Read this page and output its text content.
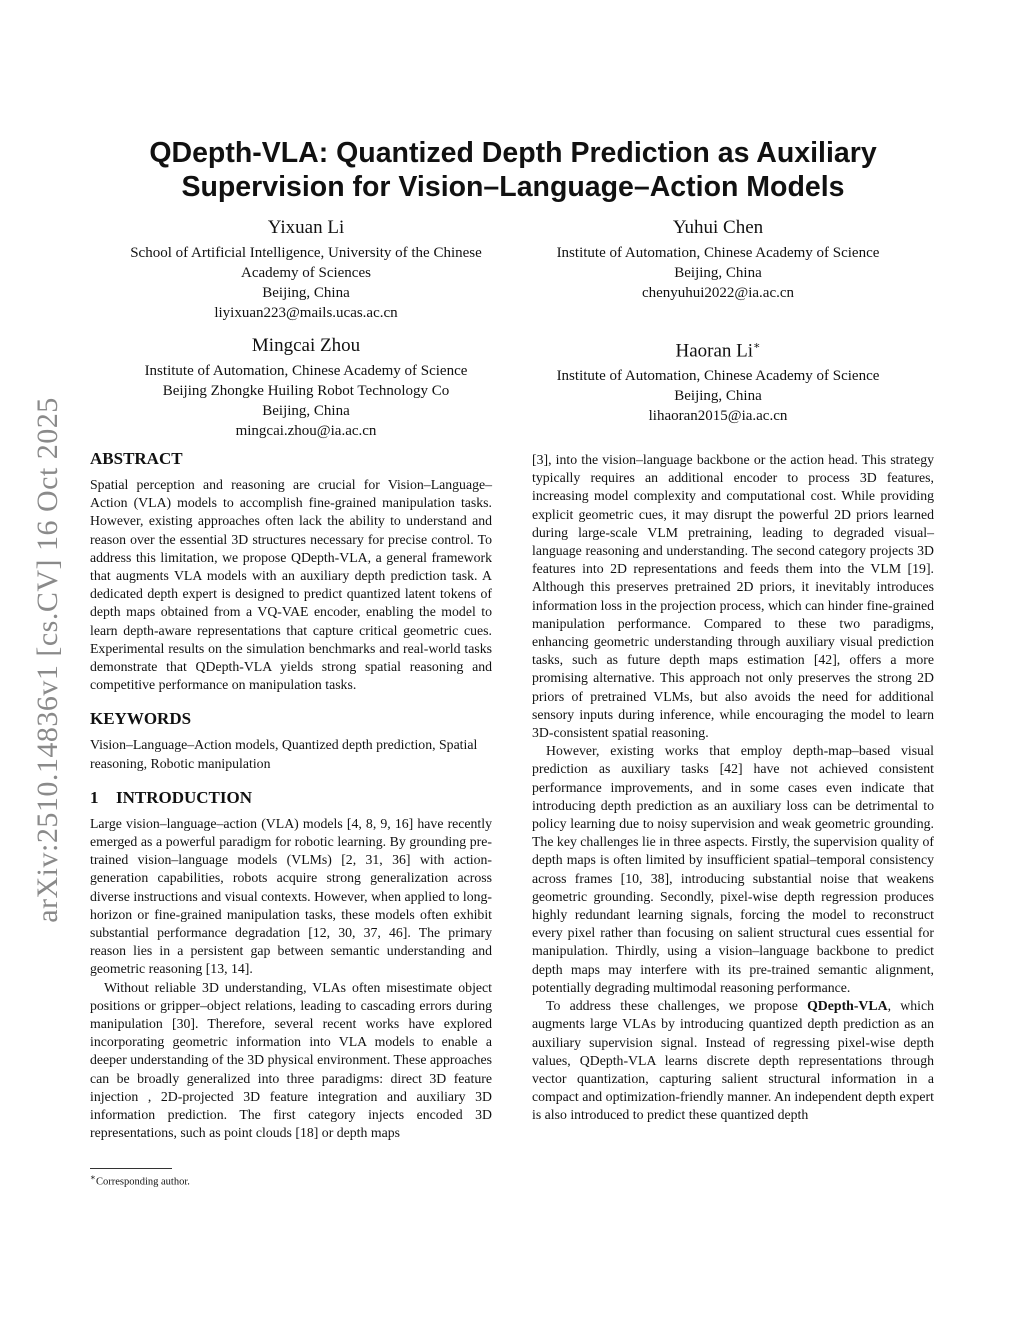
arXiv:2510.14836v1 [cs.CV] 16 Oct 2025
QDepth-VLA: Quantized Depth Prediction as Auxiliary
Supervision for Vision–Language–Action Models
Yixuan Li
School of Artificial Intelligence, University of the Chinese
Academy of Sciences
Beijing, China
liyixuan223@mails.ucas.ac.cn
Yuhui Chen
Institute of Automation, Chinese Academy of Science
Beijing, China
chenyuhui2022@ia.ac.cn
Mingcai Zhou
Institute of Automation, Chinese Academy of Science
Beijing Zhongke Huiling Robot Technology Co
Beijing, China
mingcai.zhou@ia.ac.cn
Haoran Li∗
Institute of Automation, Chinese Academy of Science
Beijing, China
lihaoran2015@ia.ac.cn
ABSTRACT

Spatial perception and reasoning are crucial for Vision–Language–Action (VLA) models to accomplish fine-grained manipulation tasks. However, existing approaches often lack the ability to understand and reason over the essential 3D structures necessary for precise control. To address this limitation, we propose QDepth-VLA, a general framework that augments VLA models with an auxiliary depth prediction task. A dedicated depth expert is designed to predict quantized latent tokens of depth maps obtained from a VQ-VAE encoder, enabling the model to learn depth-aware representations that capture critical geometric cues. Experimental results on the simulation benchmarks and real-world tasks demonstrate that QDepth-VLA yields strong spatial reasoning and competitive performance on manipulation tasks.

KEYWORDS

Vision–Language–Action models, Quantized depth prediction, Spatial reasoning, Robotic manipulation

1 INTRODUCTION

Large vision–language–action (VLA) models [4, 8, 9, 16] have recently emerged as a powerful paradigm for robotic learning. By grounding pre-trained vision–language models (VLMs) [2, 31, 36] with action-generation capabilities, robots acquire strong generalization across diverse instructions and visual contexts. However, when applied to long-horizon or fine-grained manipulation tasks, these models often exhibit substantial performance degradation [12, 30, 37, 46]. The primary reason lies in a persistent gap between semantic understanding and geometric reasoning [13, 14].

Without reliable 3D understanding, VLAs often misestimate object positions or gripper–object relations, leading to cascading errors during manipulation [30]. Therefore, several recent works have explored incorporating geometric information into VLA models to enable a deeper understanding of the 3D physical environment. These approaches can be broadly generalized into three paradigms: direct 3D feature injection , 2D-projected 3D feature integration and auxiliary 3D information prediction. The first category injects encoded 3D representations, such as point clouds [18] or depth maps

[3], into the vision–language backbone or the action head. This strategy typically requires an additional encoder to process 3D features, increasing model complexity and computational cost. While providing explicit geometric cues, it may disrupt the powerful 2D priors learned during large-scale VLM pretraining, leading to degraded visual–language reasoning and understanding. The second category projects 3D features into 2D representations and feeds them into the VLM [19]. Although this preserves pretrained 2D priors, it inevitably introduces information loss in the projection process, which can hinder fine-grained manipulation performance. Compared to these two paradigms, enhancing geometric understanding through auxiliary visual prediction tasks, such as future depth maps estimation [42], offers a more promising alternative. This approach not only preserves the strong 2D priors of pretrained VLMs, but also avoids the need for additional sensory inputs during inference, while encouraging the model to learn 3D-consistent spatial reasoning.

However, existing works that employ depth-map–based visual prediction as auxiliary tasks [42] have not achieved consistent performance improvements, and in some cases even indicate that introducing depth prediction as an auxiliary loss can be detrimental to policy learning due to noisy supervision and weak geometric grounding. The key challenges lie in three aspects. Firstly, the supervision quality of depth maps is often limited by insufficient spatial–temporal consistency across frames [10, 38], introducing substantial noise that weakens geometric grounding. Secondly, pixel-wise depth regression produces highly redundant learning signals, forcing the model to reconstruct every pixel rather than focusing on salient structural cues essential for manipulation. Thirdly, using a vision–language backbone to predict depth maps may interfere with its pre-trained semantic alignment, potentially degrading multimodal reasoning performance.

To address these challenges, we propose QDepth-VLA, which augments large VLAs by introducing quantized depth prediction as an auxiliary supervision signal. Instead of regressing pixel-wise depth values, QDepth-VLA learns discrete depth representations through vector quantization, capturing salient structural information in a compact and optimization-friendly manner. An independent depth expert is also introduced to predict these quantized depth

∗Corresponding author.
